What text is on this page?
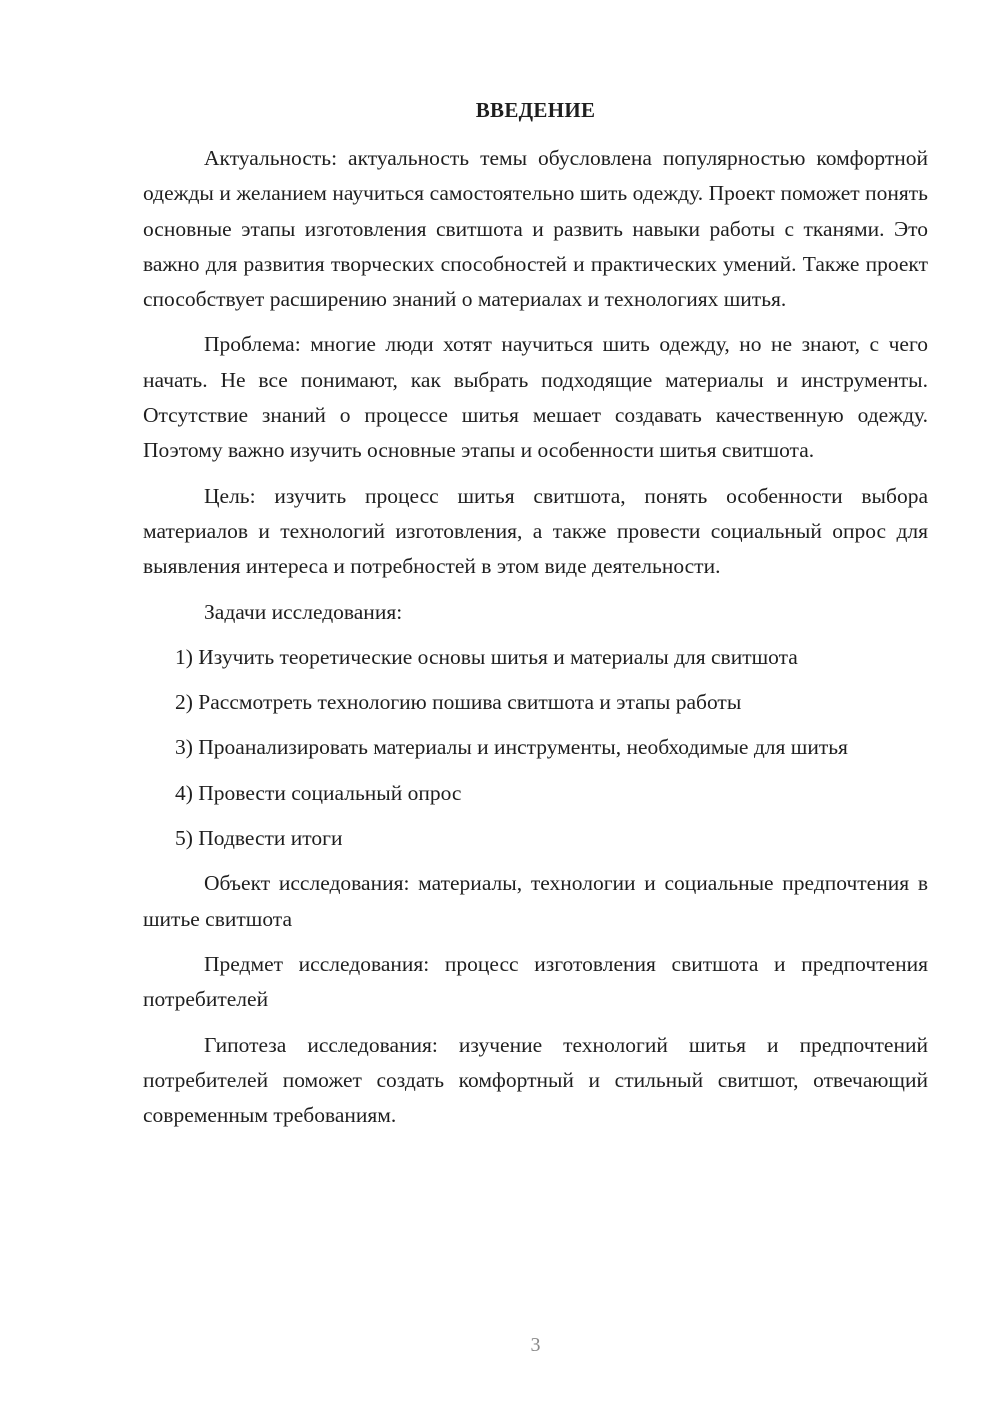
ВВЕДЕНИЕ

Актуальность: актуальность темы обусловлена популярностью комфортной одежды и желанием научиться самостоятельно шить одежду. Проект поможет понять основные этапы изготовления свитшота и развить навыки работы с тканями. Это важно для развития творческих способностей и практических умений. Также проект способствует расширению знаний о материалах и технологиях шитья.

Проблема: многие люди хотят научиться шить одежду, но не знают, с чего начать. Не все понимают, как выбрать подходящие материалы и инструменты. Отсутствие знаний о процессе шитья мешает создавать качественную одежду. Поэтому важно изучить основные этапы и особенности шитья свитшота.

Цель: изучить процесс шитья свитшота, понять особенности выбора материалов и технологий изготовления, а также провести социальный опрос для выявления интереса и потребностей в этом виде деятельности.

Задачи исследования:

1) Изучить теоретические основы шитья и материалы для свитшота

2) Рассмотреть технологию пошива свитшота и этапы работы

3) Проанализировать материалы и инструменты, необходимые для шитья

4) Провести социальный опрос

5) Подвести итоги

Объект исследования: материалы, технологии и социальные предпочтения в шитье свитшота

Предмет исследования: процесс изготовления свитшота и предпочтения потребителей

Гипотеза исследования: изучение технологий шитья и предпочтений потребителей поможет создать комфортный и стильный свитшот, отвечающий современным требованиям.

3
